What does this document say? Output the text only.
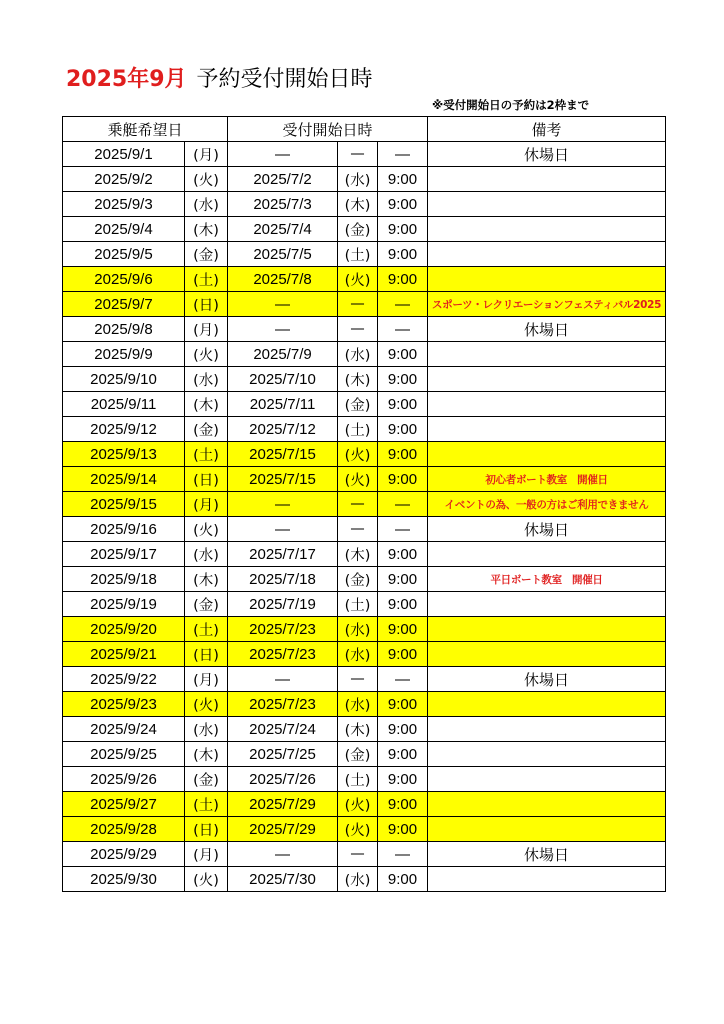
2025年9月 予約受付開始日時
※受付開始日の予約は2枠まで
乗艇希望日		受付開始日時			備考
2025/9/1	(月)	—	—	—	休場日
2025/9/2	(火)	2025/7/2	(水)	9:00	
2025/9/3	(水)	2025/7/3	(木)	9:00	
2025/9/4	(木)	2025/7/4	(金)	9:00	
2025/9/5	(金)	2025/7/5	(土)	9:00	
2025/9/6	(土)	2025/7/8	(火)	9:00	
2025/9/7	(日)	—	—	—	スポーツ・レクリエーションフェスティバル2025
2025/9/8	(月)	—	—	—	休場日
2025/9/9	(火)	2025/7/9	(水)	9:00	
2025/9/10	(水)	2025/7/10	(木)	9:00	
2025/9/11	(木)	2025/7/11	(金)	9:00	
2025/9/12	(金)	2025/7/12	(土)	9:00	
2025/9/13	(土)	2025/7/15	(火)	9:00	
2025/9/14	(日)	2025/7/15	(火)	9:00	初心者ボート教室　開催日
2025/9/15	(月)	—	—	—	イベントの為、一般の方はご利用できません
2025/9/16	(火)	—	—	—	休場日
2025/9/17	(水)	2025/7/17	(木)	9:00	
2025/9/18	(木)	2025/7/18	(金)	9:00	平日ボート教室　開催日
2025/9/19	(金)	2025/7/19	(土)	9:00	
2025/9/20	(土)	2025/7/23	(水)	9:00	
2025/9/21	(日)	2025/7/23	(水)	9:00	
2025/9/22	(月)	—	—	—	休場日
2025/9/23	(火)	2025/7/23	(水)	9:00	
2025/9/24	(水)	2025/7/24	(木)	9:00	
2025/9/25	(木)	2025/7/25	(金)	9:00	
2025/9/26	(金)	2025/7/26	(土)	9:00	
2025/9/27	(土)	2025/7/29	(火)	9:00	
2025/9/28	(日)	2025/7/29	(火)	9:00	
2025/9/29	(月)	—	—	—	休場日
2025/9/30	(火)	2025/7/30	(水)	9:00	
